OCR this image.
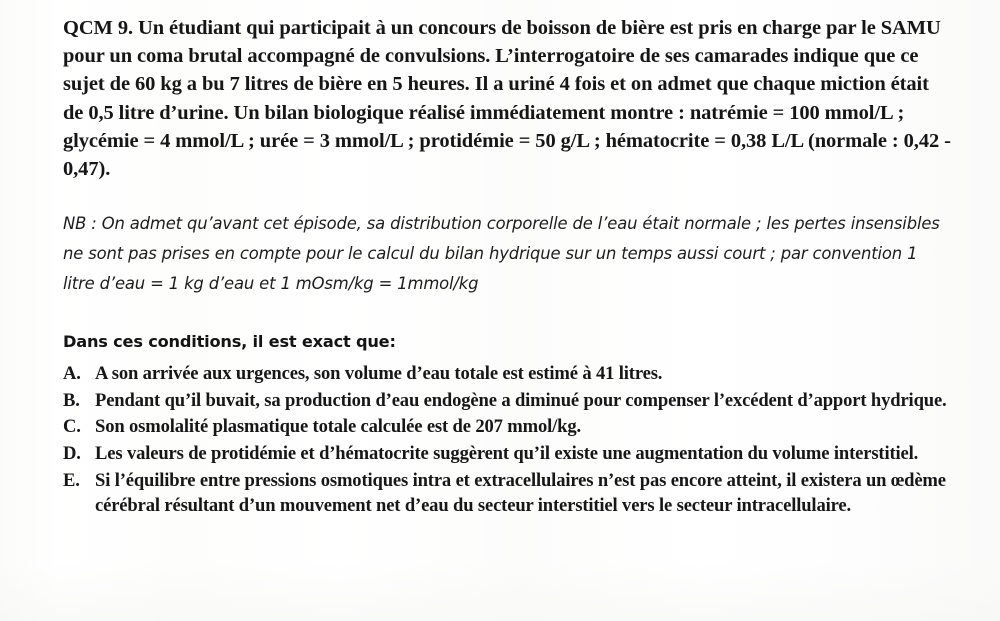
QCM 9. Un étudiant qui participait à un concours de boisson de bière est pris en charge par le SAMU pour un coma brutal accompagné de convulsions. L’interrogatoire de ses camarades indique que ce sujet de 60 kg a bu 7 litres de bière en 5 heures. Il a uriné 4 fois et on admet que chaque miction était de 0,5 litre d’urine. Un bilan biologique réalisé immédiatement montre : natrémie = 100 mmol/L ; glycémie = 4 mmol/L ; urée = 3 mmol/L ; protidémie = 50 g/L ; hématocrite = 0,38 L/L (normale : 0,42 - 0,47).

NB : On admet qu’avant cet épisode, sa distribution corporelle de l’eau était normale ; les pertes insensibles ne sont pas prises en compte pour le calcul du bilan hydrique sur un temps aussi court ; par convention 1 litre d’eau = 1 kg d’eau et 1 mOsm/kg = 1mmol/kg

Dans ces conditions, il est exact que:

A. A son arrivée aux urgences, son volume d’eau totale est estimé à 41 litres.
B. Pendant qu’il buvait, sa production d’eau endogène a diminué pour compenser l’excédent d’apport hydrique.
C. Son osmolalité plasmatique totale calculée est de 207 mmol/kg.
D. Les valeurs de protidémie et d’hématocrite suggèrent qu’il existe une augmentation du volume interstitiel.
E. Si l’équilibre entre pressions osmotiques intra et extracellulaires n’est pas encore atteint, il existera un œdème cérébral résultant d’un mouvement net d’eau du secteur interstitiel vers le secteur intracellulaire.
